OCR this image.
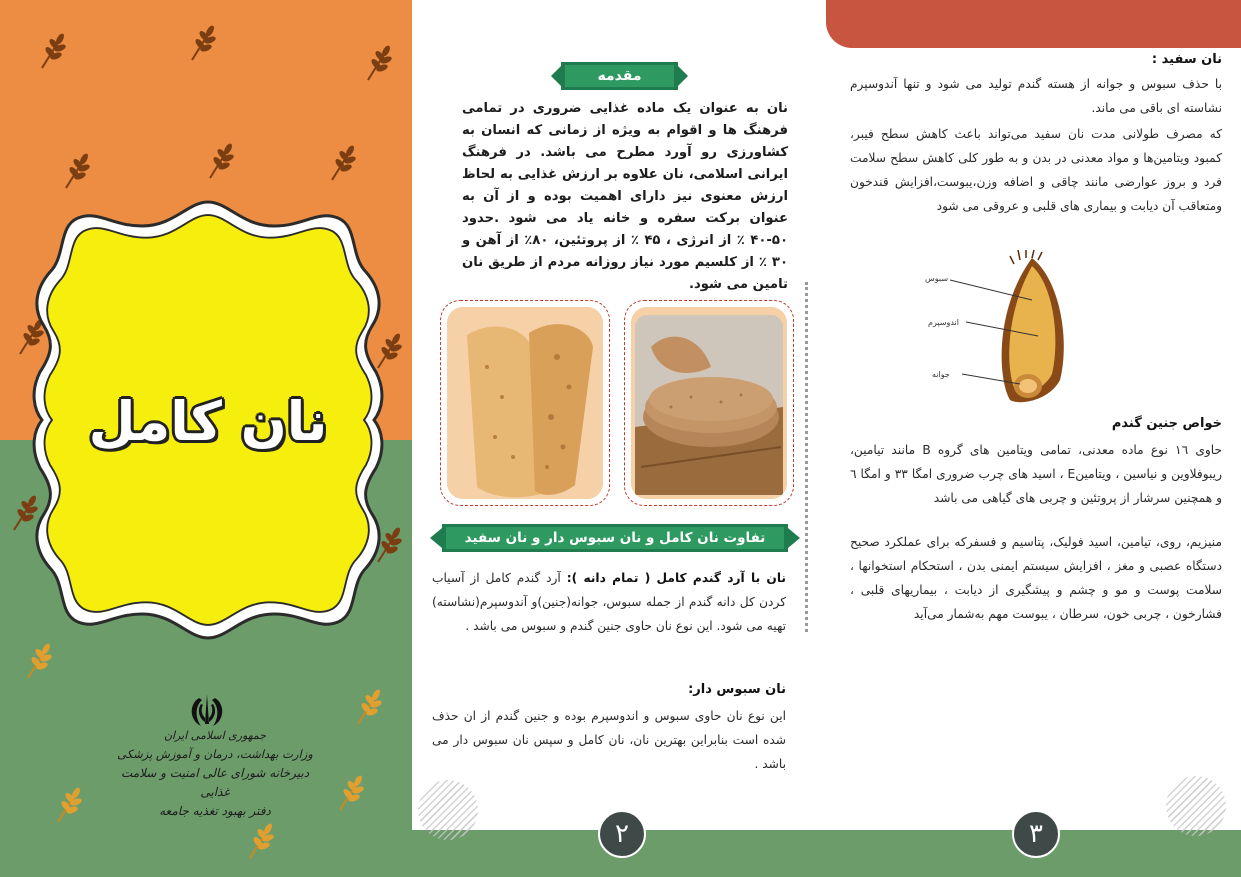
نان کامل
جمهوری اسلامی ایران
وزارت بهداشت، درمان و آموزش پزشکی
دبیرخانه شورای عالی امنیت و سلامت غذایی
دفتر بهبود تغذیه جامعه
مقدمه
نان به عنوان یک ماده غذایی ضروری در تمامی فرهنگ ها و اقوام به ویژه از زمانی که انسان به کشاورزی رو آورد مطرح می باشد. در فرهنگ ایرانی اسلامی، نان علاوه بر ارزش غذایی به لحاظ ارزش معنوی نیز دارای اهمیت بوده و از آن به عنوان برکت سفره و خانه یاد می شود .حدود ۵۰-۴۰ ٪ از انرژی ، ۴۵ ٪ از پروتئین، ۸۰٪ از آهن و ۳۰ ٪ از کلسیم مورد نیاز روزانه مردم از طریق نان تامین می شود.
تفاوت نان کامل و نان سبوس دار و نان سفید
نان با آرد گندم کامل ( تمام دانه ): آرد گندم کامل از آسیاب کردن کل دانه گندم از جمله سبوس، جوانه(جنین)و آندوسپرم(نشاسته) تهیه می شود. این نوع نان حاوی جنین گندم و سبوس می باشد .
نان سبوس دار:
این نوع نان حاوی سبوس و اندوسپرم بوده و جنین گندم از ان حذف شده است بنابراین بهترین نان، نان کامل و سپس نان سبوس دار می باشد .
۲
نان سفید :
با حذف سبوس و جوانه از هسته گندم تولید می شود و تنها آندوسپرم نشاسته ای باقی می ماند.
که مصرف طولانی مدت نان سفید می‌تواند باعث کاهش سطح فیبر، کمبود ویتامین‌ها و مواد معدنی در بدن و به طور کلی کاهش سطح سلامت فرد و بروز عوارضی مانند چاقی و اضافه وزن،یبوست،افزایش قندخون ومتعاقب آن دیابت و بیماری های قلبی و عروقی می شود
سبوس
اندوسپرم
جوانه
خواص جنین گندم
حاوی ١٦ نوع ماده معدنی، تمامی ویتامین های گروه B مانند تیامین، ریبوفلاوین و نیاسین ، ویتامینE ، اسید های چرب ضروری امگا ۳۳ و امگا ٦ و همچنین سرشار از پروتئین و چربی های گیاهی می باشد
منیزیم، روی، تیامین، اسید فولیک، پتاسیم و فسفرکه برای عملکرد صحیح دستگاه عصبی و مغز ، افزایش سیستم ایمنی بدن ، استحکام استخوانها ، سلامت پوست و مو و چشم و پیشگیری از دیابت ، بیماریهای قلبی ، فشارخون ، چربی خون، سرطان ، یبوست مهم به‌شمار می‌آید
۳
